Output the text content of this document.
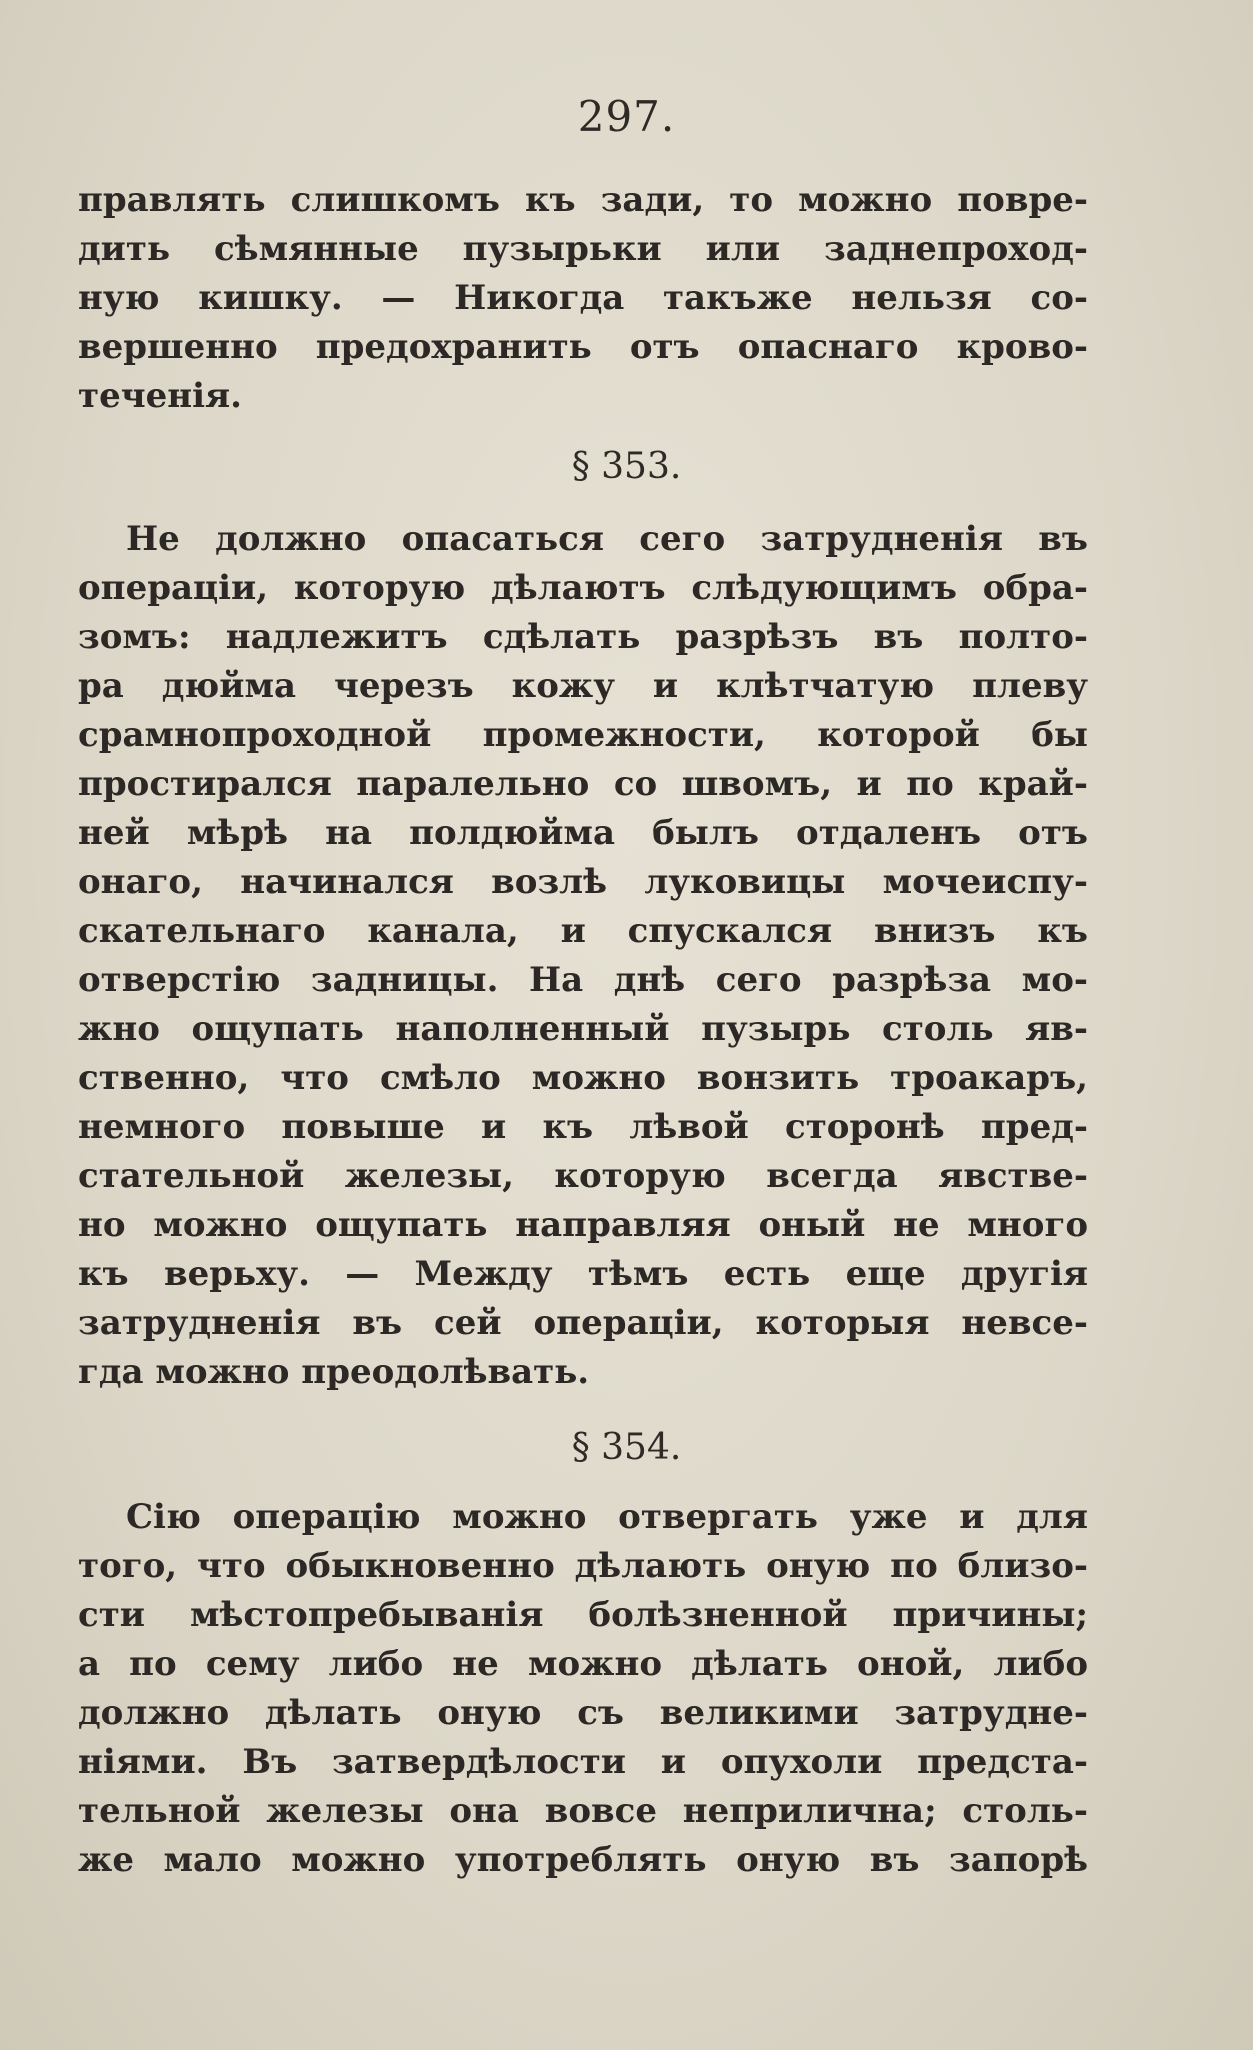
297.
правлять слишкомъ къ зади, то можно повре-
дить сѣмянные пузырьки или заднепроход-
ную кишку. — Никогда такъже нельзя со-
вершенно предохранить отъ опаснаго крово-
теченія.
§ 353.
Не должно опасаться сего затрудненія въ
операціи, которую дѣлаютъ слѣдующимъ обра-
зомъ: надлежитъ сдѣлать разрѣзъ въ полто-
ра дюйма черезъ кожу и клѣтчатую плеву
срамнопроходной промежности, которой бы
простирался паралельно со швомъ, и по край-
ней мѣрѣ на полдюйма былъ отдаленъ отъ
онаго, начинался возлѣ луковицы мочеиспу-
скательнаго канала, и спускался внизъ къ
отверстію задницы. На днѣ сего разрѣза мо-
жно ощупать наполненный пузырь столь яв-
ственно, что смѣло можно вонзить троакаръ,
немного повыше и къ лѣвой сторонѣ пред-
стательной железы, которую всегда явстве-
но можно ощупать направляя оный не много
къ верьху. — Между тѣмъ есть еще другія
затрудненія въ сей операціи, которыя невсе-
гда можно преодолѣвать.
§ 354.
Сію операцію можно отвергать уже и для
того, что обыкновенно дѣлають оную по близо-
сти мѣстопребыванія болѣзненной причины;
а по сему либо не можно дѣлать оной, либо
должно дѣлать оную съ великими затрудне-
ніями. Въ затвердѣлости и опухоли предста-
тельной железы она вовсе неприлична; столь-
же мало можно употреблять оную въ запорѣ
